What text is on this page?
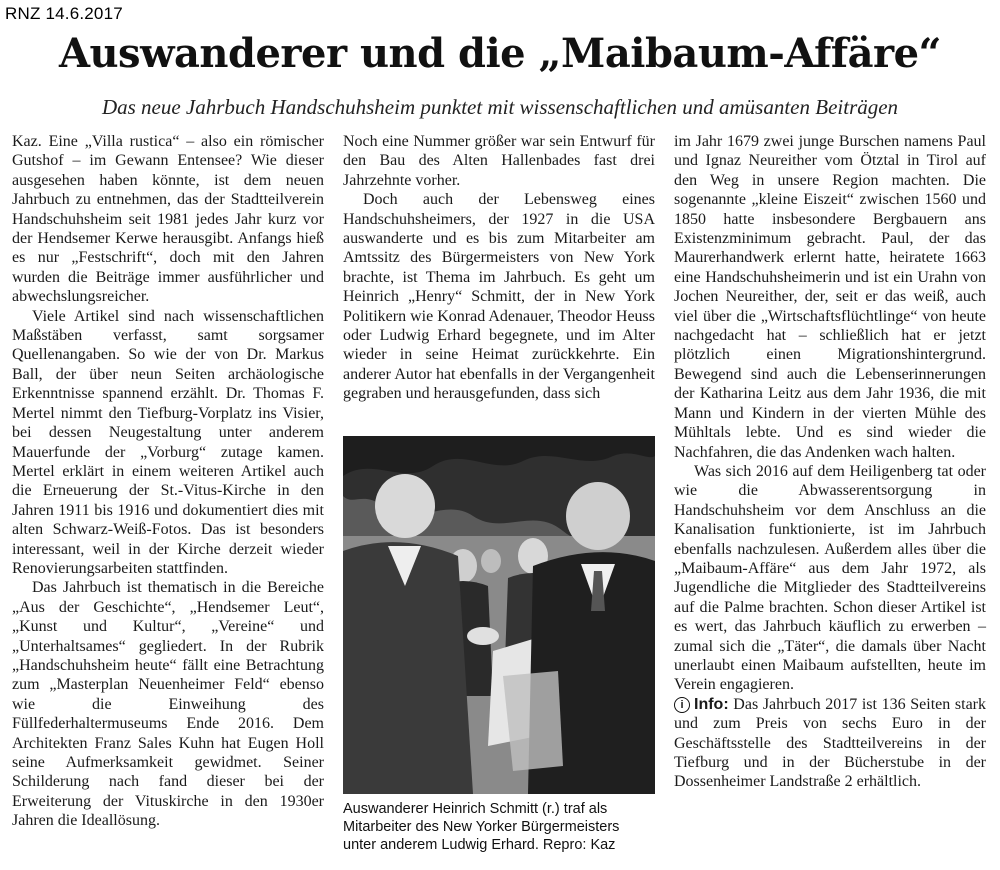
RNZ 14.6.2017
Auswanderer und die „Maibaum-Affäre“
Das neue Jahrbuch Handschuhsheim punktet mit wissenschaftlichen und amüsanten Beiträgen

Kaz. Eine „Villa rustica“ – also ein römischer Gutshof – im Gewann Entensee? Wie dieser ausgesehen haben könnte, ist dem neuen Jahrbuch zu entnehmen, das der Stadtteilverein Handschuhsheim seit 1981 jedes Jahr kurz vor der Hendsemer Kerwe herausgibt. Anfangs hieß es nur „Festschrift“, doch mit den Jahren wurden die Beiträge immer ausführlicher und abwechslungsreicher.

Viele Artikel sind nach wissenschaftlichen Maßstäben verfasst, samt sorgsamer Quellenangaben. So wie der von Dr. Markus Ball, der über neun Seiten archäologische Erkenntnisse spannend erzählt. Dr. Thomas F. Mertel nimmt den Tiefburg-Vorplatz ins Visier, bei dessen Neugestaltung unter anderem Mauerfunde der „Vorburg“ zutage kamen. Mertel erklärt in einem weiteren Artikel auch die Erneuerung der St.-Vitus-Kirche in den Jahren 1911 bis 1916 und dokumentiert dies mit alten Schwarz-Weiß-Fotos. Das ist besonders interessant, weil in der Kirche derzeit wieder Renovierungsarbeiten stattfinden.

Das Jahrbuch ist thematisch in die Bereiche „Aus der Geschichte“, „Hendsemer Leut“, „Kunst und Kultur“, „Vereine“ und „Unterhaltsames“ gegliedert. In der Rubrik „Handschuhsheim heute“ fällt eine Betrachtung zum „Masterplan Neuenheimer Feld“ ebenso wie die Einweihung des Füllfederhaltermuseums Ende 2016. Dem Architekten Franz Sales Kuhn hat Eugen Holl seine Aufmerksamkeit gewidmet. Seiner Schilderung nach fand dieser bei der Erweiterung der Vituskirche in den 1930er Jahren die Ideallösung.

Noch eine Nummer größer war sein Entwurf für den Bau des Alten Hallenbades fast drei Jahrzehnte vorher.

Doch auch der Lebensweg eines Handschuhsheimers, der 1927 in die USA auswanderte und es bis zum Mitarbeiter am Amtssitz des Bürgermeisters von New York brachte, ist Thema im Jahrbuch. Es geht um Heinrich „Henry“ Schmitt, der in New York Politikern wie Konrad Adenauer, Theodor Heuss oder Ludwig Erhard begegnete, und im Alter wieder in seine Heimat zurückkehrte. Ein anderer Autor hat ebenfalls in der Vergangenheit gegraben und herausgefunden, dass sich

Auswanderer Heinrich Schmitt (r.) traf als Mitarbeiter des New Yorker Bürgermeisters unter anderem Ludwig Erhard. Repro: Kaz

im Jahr 1679 zwei junge Burschen namens Paul und Ignaz Neureither vom Ötztal in Tirol auf den Weg in unsere Region machten. Die sogenannte „kleine Eiszeit“ zwischen 1560 und 1850 hatte insbesondere Bergbauern ans Existenzminimum gebracht. Paul, der das Maurerhandwerk erlernt hatte, heiratete 1663 eine Handschuhsheimerin und ist ein Urahn von Jochen Neureither, der, seit er das weiß, auch viel über die „Wirtschaftsflüchtlinge“ von heute nachgedacht hat – schließlich hat er jetzt plötzlich einen Migrationshintergrund. Bewegend sind auch die Lebenserinnerungen der Katharina Leitz aus dem Jahr 1936, die mit Mann und Kindern in der vierten Mühle des Mühltals lebte. Und es sind wieder die Nachfahren, die das Andenken wach halten.

Was sich 2016 auf dem Heiligenberg tat oder wie die Abwasserentsorgung in Handschuhsheim vor dem Anschluss an die Kanalisation funktionierte, ist im Jahrbuch ebenfalls nachzulesen. Außerdem alles über die „Maibaum-Affäre“ aus dem Jahr 1972, als Jugendliche die Mitglieder des Stadtteilvereins auf die Palme brachten. Schon dieser Artikel ist es wert, das Jahrbuch käuflich zu erwerben – zumal sich die „Täter“, die damals über Nacht unerlaubt einen Maibaum aufstellten, heute im Verein engagieren.

i Info: Das Jahrbuch 2017 ist 136 Seiten stark und zum Preis von sechs Euro in der Geschäftsstelle des Stadtteilvereins in der Tiefburg und in der Bücherstube in der Dossenheimer Landstraße 2 erhältlich.
